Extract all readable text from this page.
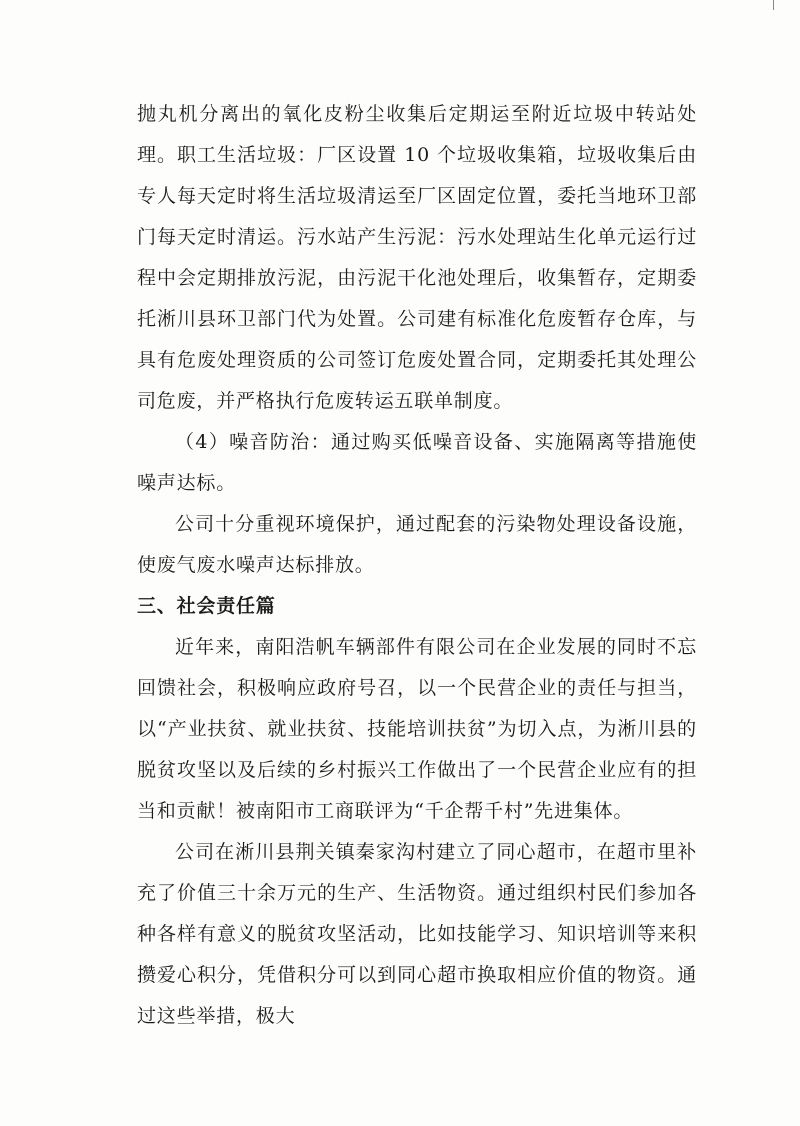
抛丸机分离出的氧化皮粉尘收集后定期运至附近垃圾中转站处理。职工生活垃圾：厂区设置 10 个垃圾收集箱，垃圾收集后由专人每天定时将生活垃圾清运至厂区固定位置，委托当地环卫部门每天定时清运。污水站产生污泥：污水处理站生化单元运行过程中会定期排放污泥，由污泥干化池处理后，收集暂存，定期委托淅川县环卫部门代为处置。公司建有标准化危废暂存仓库，与具有危废处理资质的公司签订危废处置合同，定期委托其处理公司危废，并严格执行危废转运五联单制度。

（4）噪音防治：通过购买低噪音设备、实施隔离等措施使噪声达标。

公司十分重视环境保护，通过配套的污染物处理设备设施，使废气废水噪声达标排放。

三、社会责任篇

近年来，南阳浩帆车辆部件有限公司在企业发展的同时不忘回馈社会，积极响应政府号召，以一个民营企业的责任与担当，以“产业扶贫、就业扶贫、技能培训扶贫”为切入点，为淅川县的脱贫攻坚以及后续的乡村振兴工作做出了一个民营企业应有的担当和贡献！被南阳市工商联评为“千企帮千村”先进集体。

公司在淅川县荆关镇秦家沟村建立了同心超市，在超市里补充了价值三十余万元的生产、生活物资。通过组织村民们参加各种各样有意义的脱贫攻坚活动，比如技能学习、知识培训等来积攒爱心积分，凭借积分可以到同心超市换取相应价值的物资。通过这些举措，极大
